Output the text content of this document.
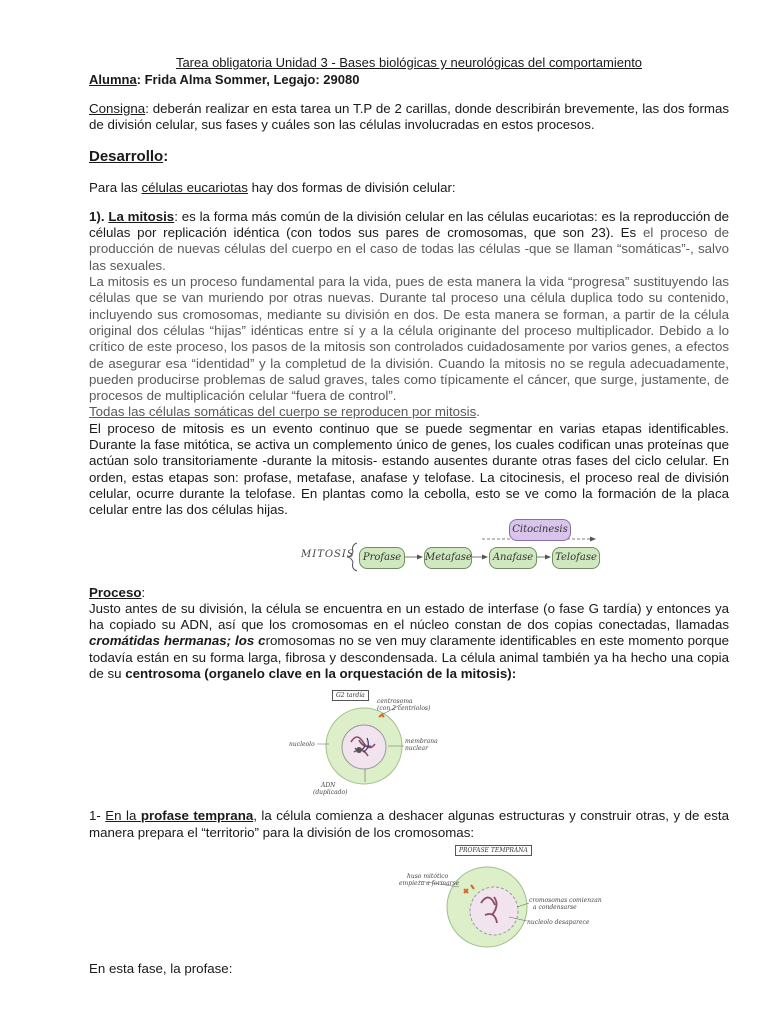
Tarea obligatoria Unidad 3 - Bases biológicas y neurológicas del comportamiento

Alumna: Frida Alma Sommer, Legajo: 29080

Consigna: deberán realizar en esta tarea un T.P de 2 carillas, donde describirán brevemente, las dos formas de división celular, sus fases y cuáles son las células involucradas en estos procesos.

Desarrollo:

Para las células eucariotas hay dos formas de división celular:

1). La mitosis: es la forma más común de la división celular en las células eucariotas: es la reproducción de células por replicación idéntica (con todos sus pares de cromosomas, que son 23). Es el proceso de producción de nuevas células del cuerpo en el caso de todas las células -que se llaman “somáticas”-, salvo las sexuales.

La mitosis es un proceso fundamental para la vida, pues de esta manera la vida “progresa” sustituyendo las células que se van muriendo por otras nuevas. Durante tal proceso una célula duplica todo su contenido, incluyendo sus cromosomas, mediante su división en dos. De esta manera se forman, a partir de la célula original dos células “hijas” idénticas entre sí y a la célula originante del proceso multiplicador. Debido a lo crítico de este proceso, los pasos de la mitosis son controlados cuidadosamente por varios genes, a efectos de asegurar esa “identidad” y la completud de la división. Cuando la mitosis no se regula adecuadamente, pueden producirse problemas de salud graves, tales como típicamente el cáncer, que surge, justamente, de procesos de multiplicación celular “fuera de control”.

Todas las células somáticas del cuerpo se reproducen por mitosis.

El proceso de mitosis es un evento continuo que se puede segmentar en varias etapas identificables. Durante la fase mitótica, se activa un complemento único de genes, los cuales codifican unas proteínas que actúan solo transitoriamente -durante la mitosis- estando ausentes durante otras fases del ciclo celular. En orden, estas etapas son: profase, metafase, anafase y telofase. La citocinesis, el proceso real de división celular, ocurre durante la telofase. En plantas como la cebolla, esto se ve como la formación de la placa celular entre las dos células hijas.

MITOSIS
Citocinesis
Profase	Metafase	Anafase	Telofase

Proceso:

Justo antes de su división, la célula se encuentra en un estado de interfase (o fase G tardía) y entonces ya ha copiado su ADN, así que los cromosomas en el núcleo constan de dos copias conectadas, llamadas cromátidas hermanas; los cromosomas no se ven muy claramente identificables en este momento porque todavía están en su forma larga, fibrosa y descondensada. La célula animal también ya ha hecho una copia de su centrosoma (organelo clave en la orquestación de la mitosis):

G2 tardía
centrosoma
(con 2 centriolos)
nucleolo	membrana
nuclear
ADN
(duplicado)

1- En la profase temprana, la célula comienza a deshacer algunas estructuras y construir otras, y de esta manera prepara el “territorio” para la división de los cromosomas:

PROFASE TEMPRANA
huso mitótico
empieza a formarse
cromosomas comienzan
a condensarse
nucleolo desaparece

En esta fase, la profase:
